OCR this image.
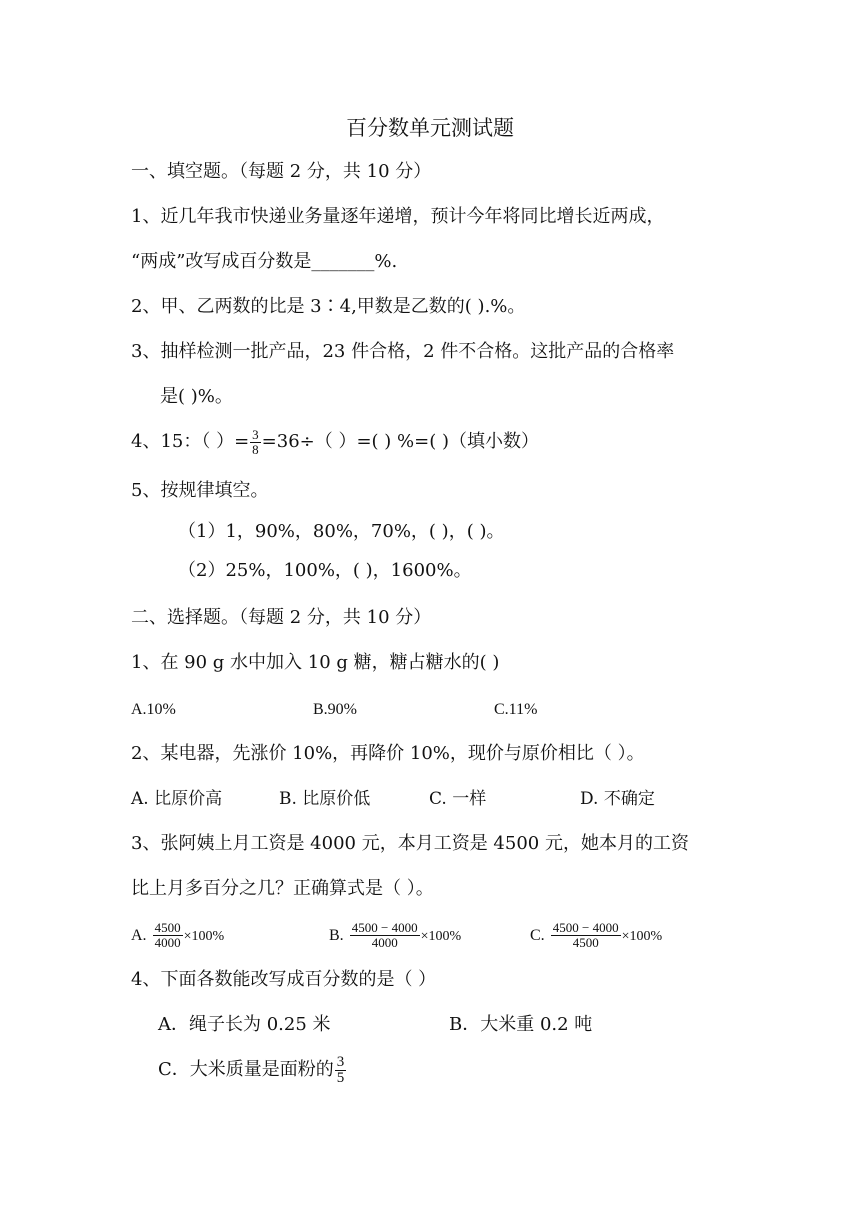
百分数单元测试题
一、填空题。（每题 2 分，共 10 分）
1、近几年我市快递业务量逐年递增，预计今年将同比增长近两成，
“两成”改写成百分数是_______%.
2、甲、乙两数的比是 3∶4,甲数是乙数的( ).%。
3、抽样检测一批产品，23 件合格，2 件不合格。这批产品的合格率
是( )%。
4、15：（ ）= $\frac{3}{8} =36\div$（ ）=( ) %=( )（填小数）
5、按规律填空。
（1）1，90%，80%，70%，( )，( )。
（2）25%，100%，( )，1600%。
二、选择题。（每题 2 分，共 10 分）
1、在 90 g 水中加入 10 g 糖，糖占糖水的( )
A.10%	B.90%	C.11%
2、某电器，先涨价 10%，再降价 10%，现价与原价相比（ ）。
A. 比原价高	B. 比原价低	C. 一样	D. 不确定
3、张阿姨上月工资是 4000 元，本月工资是 4500 元，她本月的工资
比上月多百分之几？正确算式是（ ）。
A. $\frac{4500}{4000} \times 100\%$	B. $\frac{4500 - 4000}{4000} \times 100\%$	C. $\frac{4500 - 4000}{4500} \times 100\%$
4、下面各数能改写成百分数的是（ ）
A．绳子长为 0.25 米	B．大米重 0.2 吨
C．大米质量是面粉的 $\frac{3}{5}$
